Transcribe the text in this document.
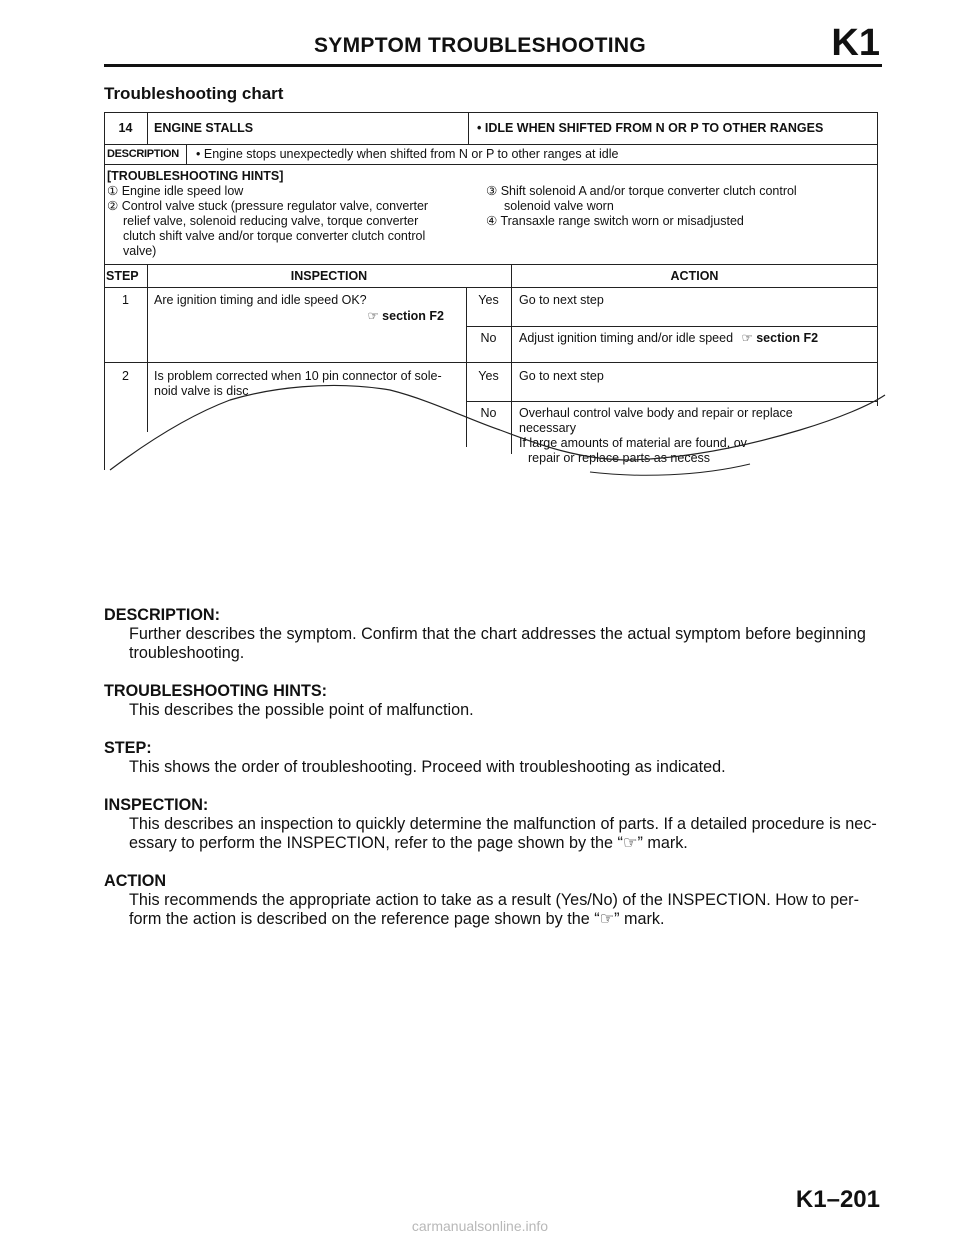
SYMPTOM TROUBLESHOOTING	K1
Troubleshooting chart
14	ENGINE STALLS	• IDLE WHEN SHIFTED FROM N OR P TO OTHER RANGES
DESCRIPTION	• Engine stops unexpectedly when shifted from N or P to other ranges at idle
[TROUBLESHOOTING HINTS]
① Engine idle speed low
② Control valve stuck (pressure regulator valve, converter
relief valve, solenoid reducing valve, torque converter
clutch shift valve and/or torque converter clutch control
valve)
③ Shift solenoid A and/or torque converter clutch control
solenoid valve worn
④ Transaxle range switch worn or misadjusted
STEP	INSPECTION	ACTION
1	Are ignition timing and idle speed OK?
☞ section F2
Yes	Go to next step
No	Adjust ignition timing and/or idle speed ☞ section F2
2	Is problem corrected when 10 pin connector of sole-
noid valve is disc
Yes	Go to next step
No	Overhaul control valve body and repair or replace
necessary
If large amounts of material are found, ov
repair or replace parts as necess
DESCRIPTION:
Further describes the symptom. Confirm that the chart addresses the actual symptom before beginning
troubleshooting.
TROUBLESHOOTING HINTS:
This describes the possible point of malfunction.
STEP:
This shows the order of troubleshooting. Proceed with troubleshooting as indicated.
INSPECTION:
This describes an inspection to quickly determine the malfunction of parts. If a detailed procedure is nec-
essary to perform the INSPECTION, refer to the page shown by the “☞” mark.
ACTION
This recommends the appropriate action to take as a result (Yes/No) of the INSPECTION. How to per-
form the action is described on the reference page shown by the “☞” mark.
K1–201
carmanualsonline.info
